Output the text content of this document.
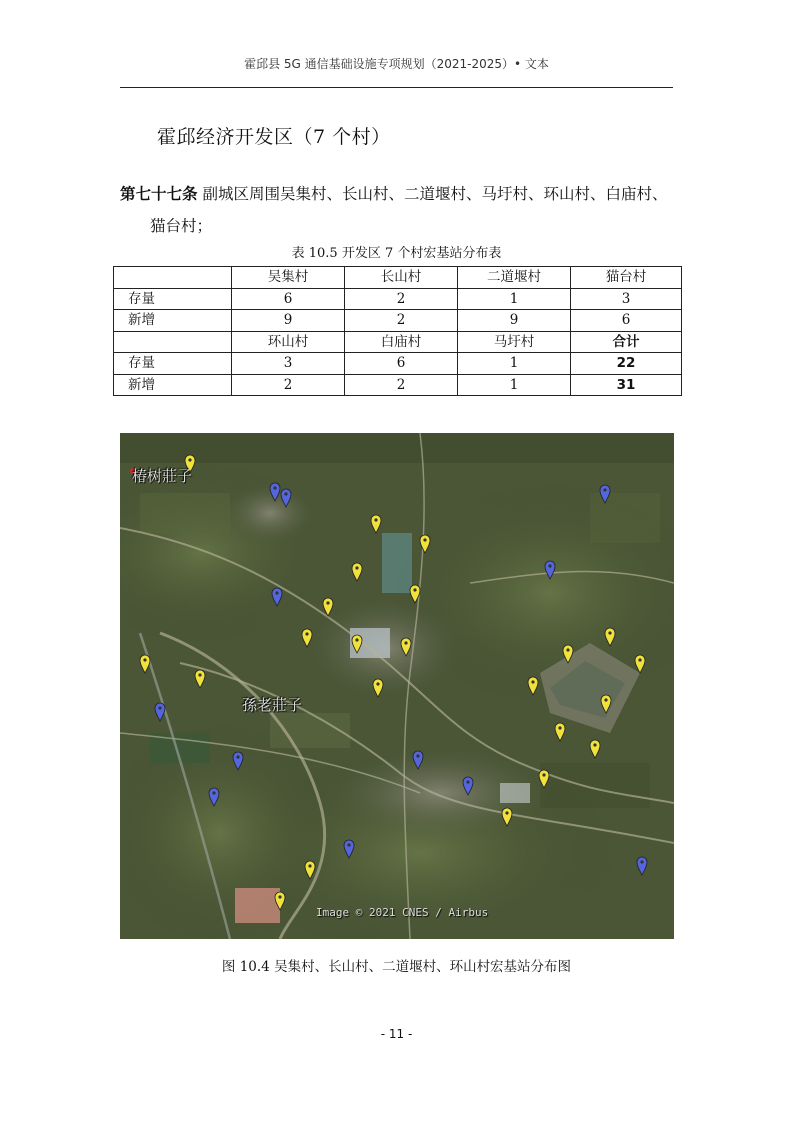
霍邱县 5G 通信基础设施专项规划（2021-2025）• 文本
霍邱经济开发区（7 个村）
第七十七条 副城区周围吴集村、长山村、二道堰村、马圩村、环山村、白庙村、
猫台村；
表 10.5 开发区 7 个村宏基站分布表
	吴集村	长山村	二道堰村	猫台村
存量	6	2	1	3
新增	9	2	9	6
	环山村	白庙村	马圩村	合计
存量	3	6	1	22
新增	2	2	1	31
椿树莊子
孫老莊子
Image © 2021 CNES / Airbus
图 10.4 吴集村、长山村、二道堰村、环山村宏基站分布图
- 11 -
